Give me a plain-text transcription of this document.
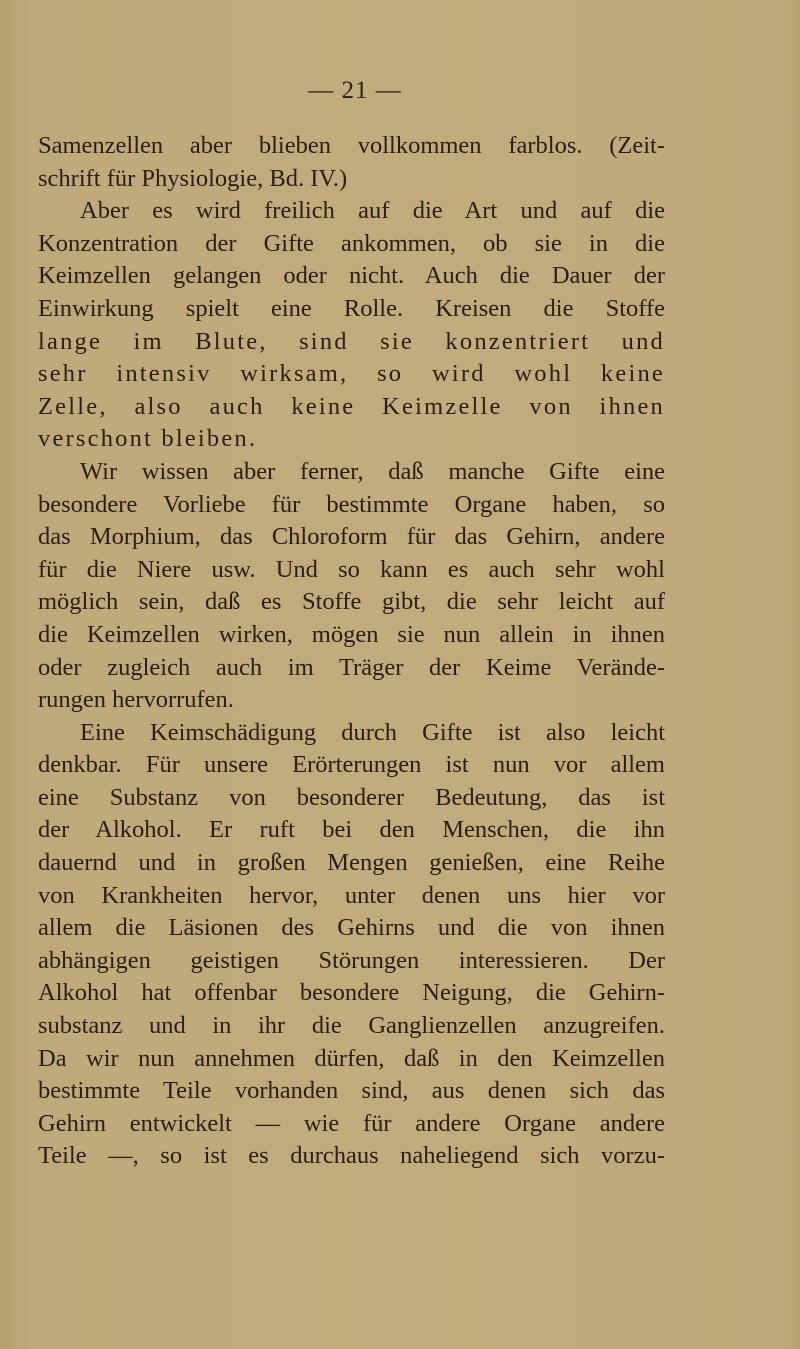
— 21 —
Samenzellen aber blieben vollkommen farblos. (Zeit-
schrift für Physiologie, Bd. IV.)
Aber es wird freilich auf die Art und auf die
Konzentration der Gifte ankommen, ob sie in die
Keimzellen gelangen oder nicht. Auch die Dauer der
Einwirkung spielt eine Rolle. Kreisen die Stoffe
lange im Blute, sind sie konzentriert und
sehr intensiv wirksam, so wird wohl keine
Zelle, also auch keine Keimzelle von ihnen
verschont bleiben.
Wir wissen aber ferner, daß manche Gifte eine
besondere Vorliebe für bestimmte Organe haben, so
das Morphium, das Chloroform für das Gehirn, andere
für die Niere usw. Und so kann es auch sehr wohl
möglich sein, daß es Stoffe gibt, die sehr leicht auf
die Keimzellen wirken, mögen sie nun allein in ihnen
oder zugleich auch im Träger der Keime Verände-
rungen hervorrufen.
Eine Keimschädigung durch Gifte ist also leicht
denkbar. Für unsere Erörterungen ist nun vor allem
eine Substanz von besonderer Bedeutung, das ist
der Alkohol. Er ruft bei den Menschen, die ihn
dauernd und in großen Mengen genießen, eine Reihe
von Krankheiten hervor, unter denen uns hier vor
allem die Läsionen des Gehirns und die von ihnen
abhängigen geistigen Störungen interessieren. Der
Alkohol hat offenbar besondere Neigung, die Gehirn-
substanz und in ihr die Ganglienzellen anzugreifen.
Da wir nun annehmen dürfen, daß in den Keimzellen
bestimmte Teile vorhanden sind, aus denen sich das
Gehirn entwickelt — wie für andere Organe andere
Teile —, so ist es durchaus naheliegend sich vorzu-
